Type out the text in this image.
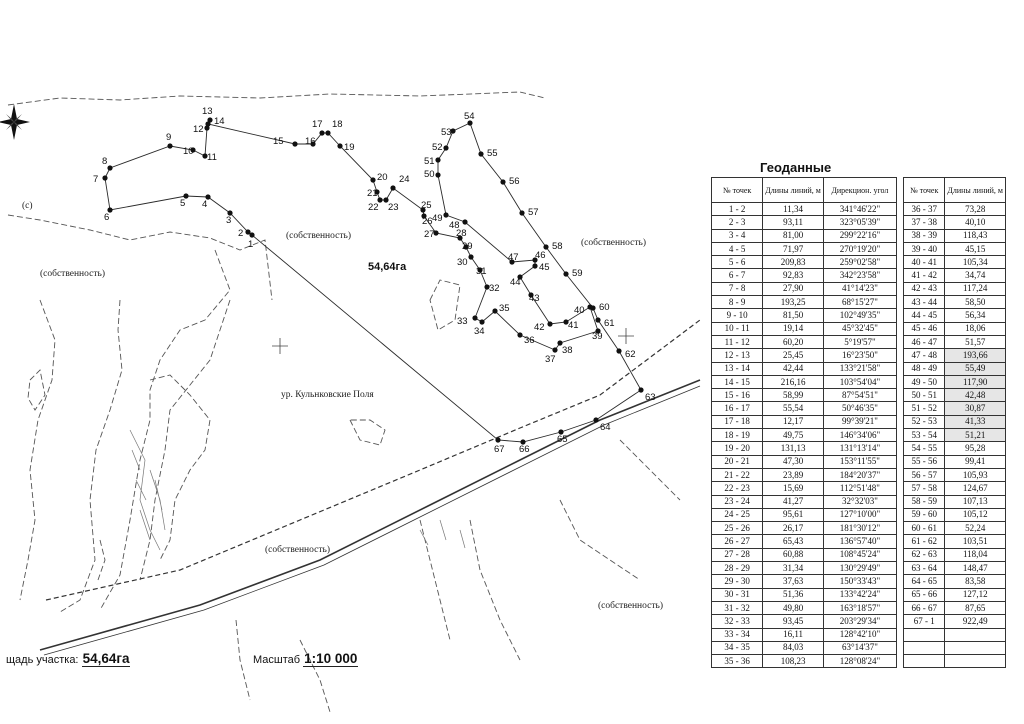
1
2
3
4
5
6
7
8
9
10
11
12
13
14
15 16
17 18
19
20
21
22 23
24
25
26
27 28
29
30
31
32
33
34
35
36
37
38
39
40
41
42
43
44
45
46
47
48
49
50
51
52
53
54
55
56
57
58
59
60
61
62
63
64
65
66
67
54,64га
ур. Кульнковские Поля
(собственность)
(собственность)
(собственность)
(собственность)
(собственность)
(с)
щадь участка: 54,64га	Масштаб 1:10 000
Геоданные
№ точек	Длины линий, м	Дирекцион. угол
1 - 2	11,34	341°46'22"
2 - 3	93,11	323°05'39"
3 - 4	81,00	299°22'16"
4 - 5	71,97	270°19'20"
5 - 6	209,83	259°02'58"
6 - 7	92,83	342°23'58"
7 - 8	27,90	41°14'23"
8 - 9	193,25	68°15'27"
9 - 10	81,50	102°49'35"
10 - 11	19,14	45°32'45"
11 - 12	60,20	5°19'57"
12 - 13	25,45	16°23'50"
13 - 14	42,44	133°21'58"
14 - 15	216,16	103°54'04"
15 - 16	58,99	87°54'51"
16 - 17	55,54	50°46'35"
17 - 18	12,17	99°39'21"
18 - 19	49,75	146°34'06"
19 - 20	131,13	131°13'14"
20 - 21	47,30	153°11'55"
21 - 22	23,89	184°20'37"
22 - 23	15,69	112°51'48"
23 - 24	41,27	32°32'03"
24 - 25	95,61	127°10'00"
25 - 26	26,17	181°30'12"
26 - 27	65,43	136°57'40"
27 - 28	60,88	108°45'24"
28 - 29	31,34	130°29'49"
29 - 30	37,63	150°33'43"
30 - 31	51,36	133°42'24"
31 - 32	49,80	163°18'57"
32 - 33	93,45	203°29'34"
33 - 34	16,11	128°42'10"
34 - 35	84,03	63°14'37"
35 - 36	108,23	128°08'24"
№ точек	Длины линий, м
36 - 37	73,28
37 - 38	40,10
38 - 39	118,43
39 - 40	45,15
40 - 41	105,34
41 - 42	34,74
42 - 43	117,24
43 - 44	58,50
44 - 45	56,34
45 - 46	18,06
46 - 47	51,57
47 - 48	193,66
48 - 49	55,49
49 - 50	117,90
50 - 51	42,48
51 - 52	30,87
52 - 53	41,33
53 - 54	51,21
54 - 55	95,28
55 - 56	99,41
56 - 57	105,93
57 - 58	124,67
58 - 59	107,13
59 - 60	105,12
60 - 61	52,24
61 - 62	103,51
62 - 63	118,04
63 - 64	148,47
64 - 65	83,58
65 - 66	127,12
66 - 67	87,65
67 - 1	922,49
